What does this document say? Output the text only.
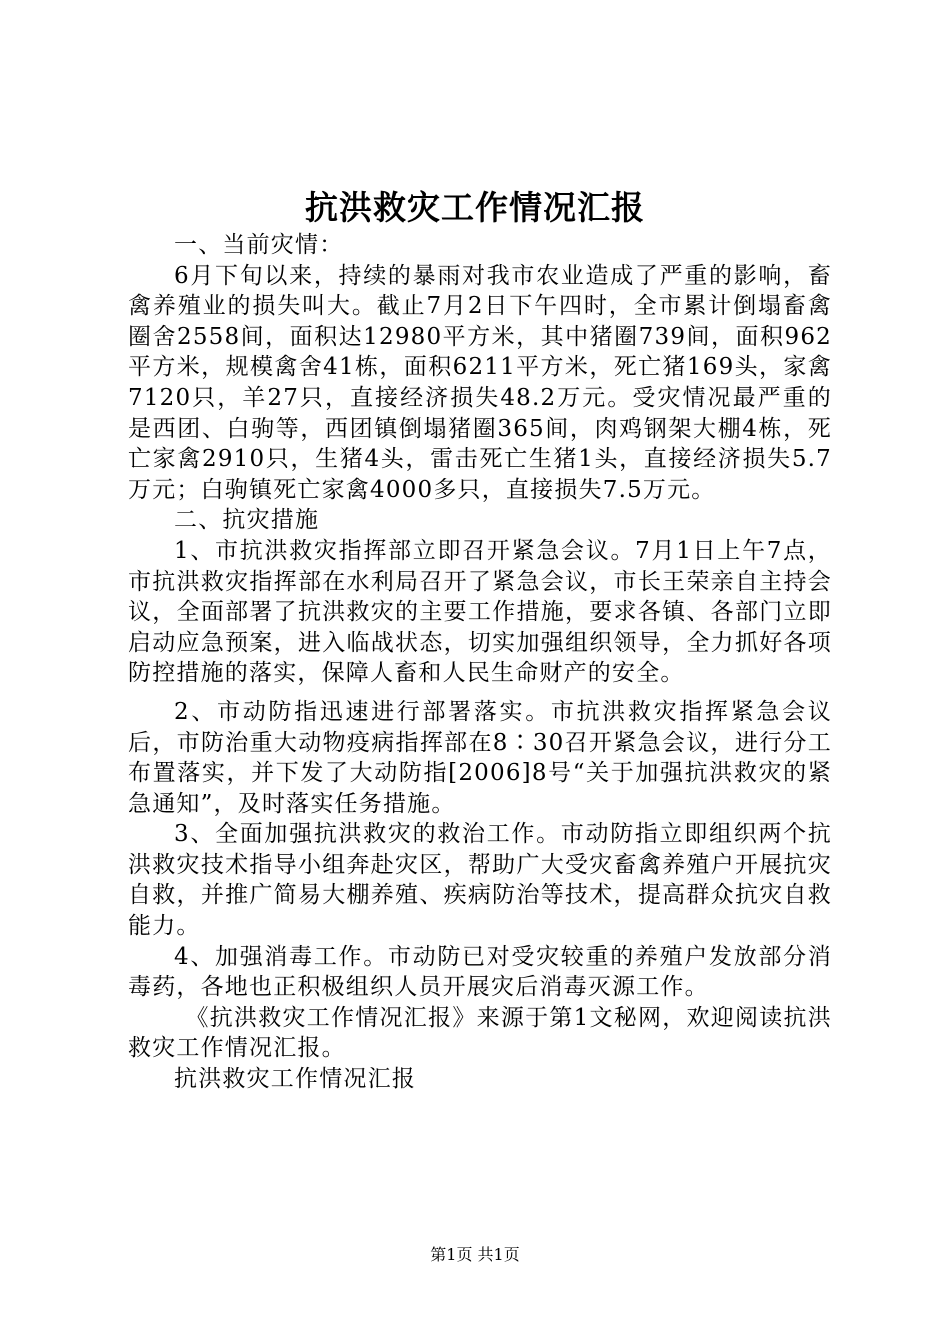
抗洪救灾工作情况汇报

一、当前灾情：

6月下旬以来，持续的暴雨对我市农业造成了严重的影响，畜禽养殖业的损失叫大。截止7月2日下午四时，全市累计倒塌畜禽圈舍2558间，面积达12980平方米，其中猪圈739间，面积962平方米，规模禽舍41栋，面积6211平方米，死亡猪169头，家禽7120只，羊27只，直接经济损失48.2万元。受灾情况最严重的是西团、白驹等，西团镇倒塌猪圈365间，肉鸡钢架大棚4栋，死亡家禽2910只，生猪4头，雷击死亡生猪1头，直接经济损失5.7万元；白驹镇死亡家禽4000多只，直接损失7.5万元。

二、抗灾措施

1、市抗洪救灾指挥部立即召开紧急会议。7月1日上午7点，市抗洪救灾指挥部在水利局召开了紧急会议，市长王荣亲自主持会议，全面部署了抗洪救灾的主要工作措施，要求各镇、各部门立即启动应急预案，进入临战状态，切实加强组织领导，全力抓好各项防控措施的落实，保障人畜和人民生命财产的安全。

2、市动防指迅速进行部署落实。市抗洪救灾指挥紧急会议后，市防治重大动物疫病指挥部在8∶30召开紧急会议，进行分工布置落实，并下发了大动防指[2006]8号“关于加强抗洪救灾的紧急通知”，及时落实任务措施。

3、全面加强抗洪救灾的救治工作。市动防指立即组织两个抗洪救灾技术指导小组奔赴灾区，帮助广大受灾畜禽养殖户开展抗灾自救，并推广简易大棚养殖、疾病防治等技术，提高群众抗灾自救能力。

4、加强消毒工作。市动防已对受灾较重的养殖户发放部分消毒药，各地也正积极组织人员开展灾后消毒灭源工作。

《抗洪救灾工作情况汇报》来源于第1文秘网，欢迎阅读抗洪救灾工作情况汇报。

抗洪救灾工作情况汇报

第1页 共1页
